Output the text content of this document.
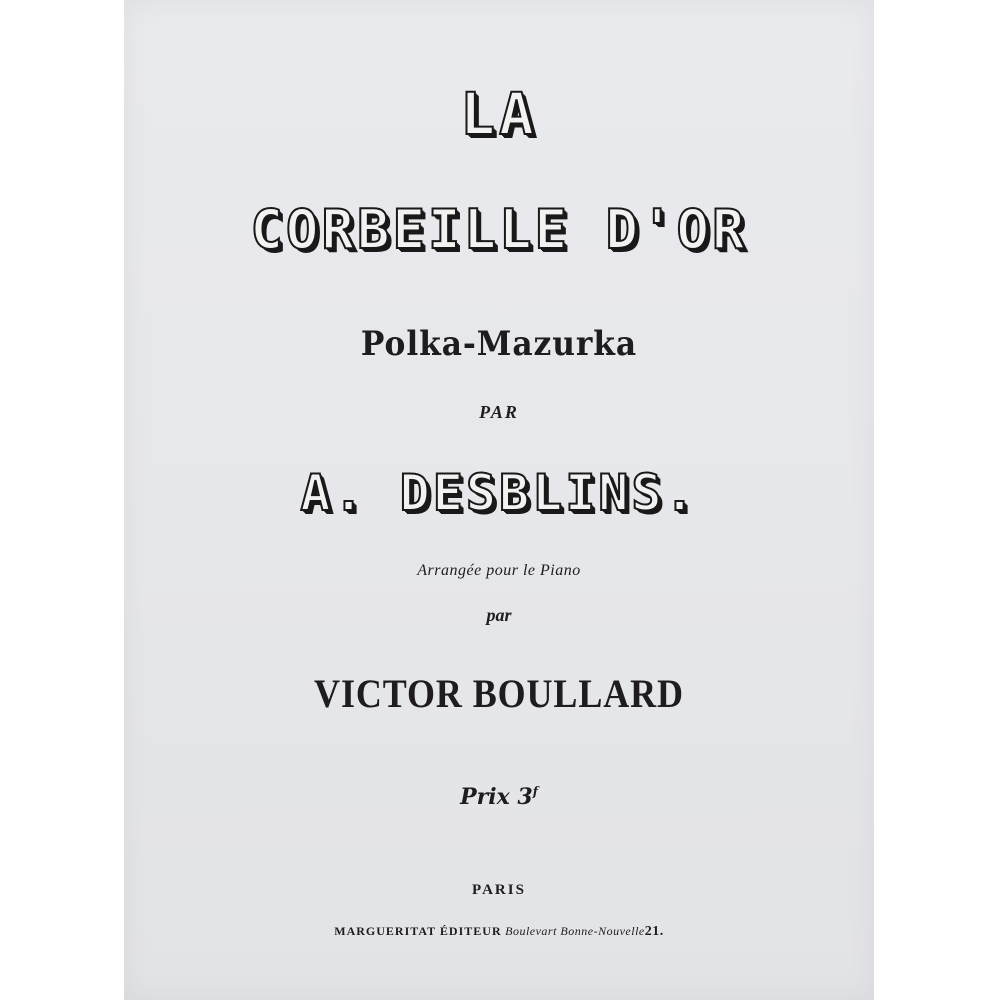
LA
CORBEILLE D'OR
Polka-Mazurka
PAR
A. DESBLINS.
Arrangée pour le Piano
par
VICTOR BOULLARD
Prix 3$^f$
PARIS
MARGUERITAT ÉDITEUR Boulevart Bonne-Nouvelle21.
